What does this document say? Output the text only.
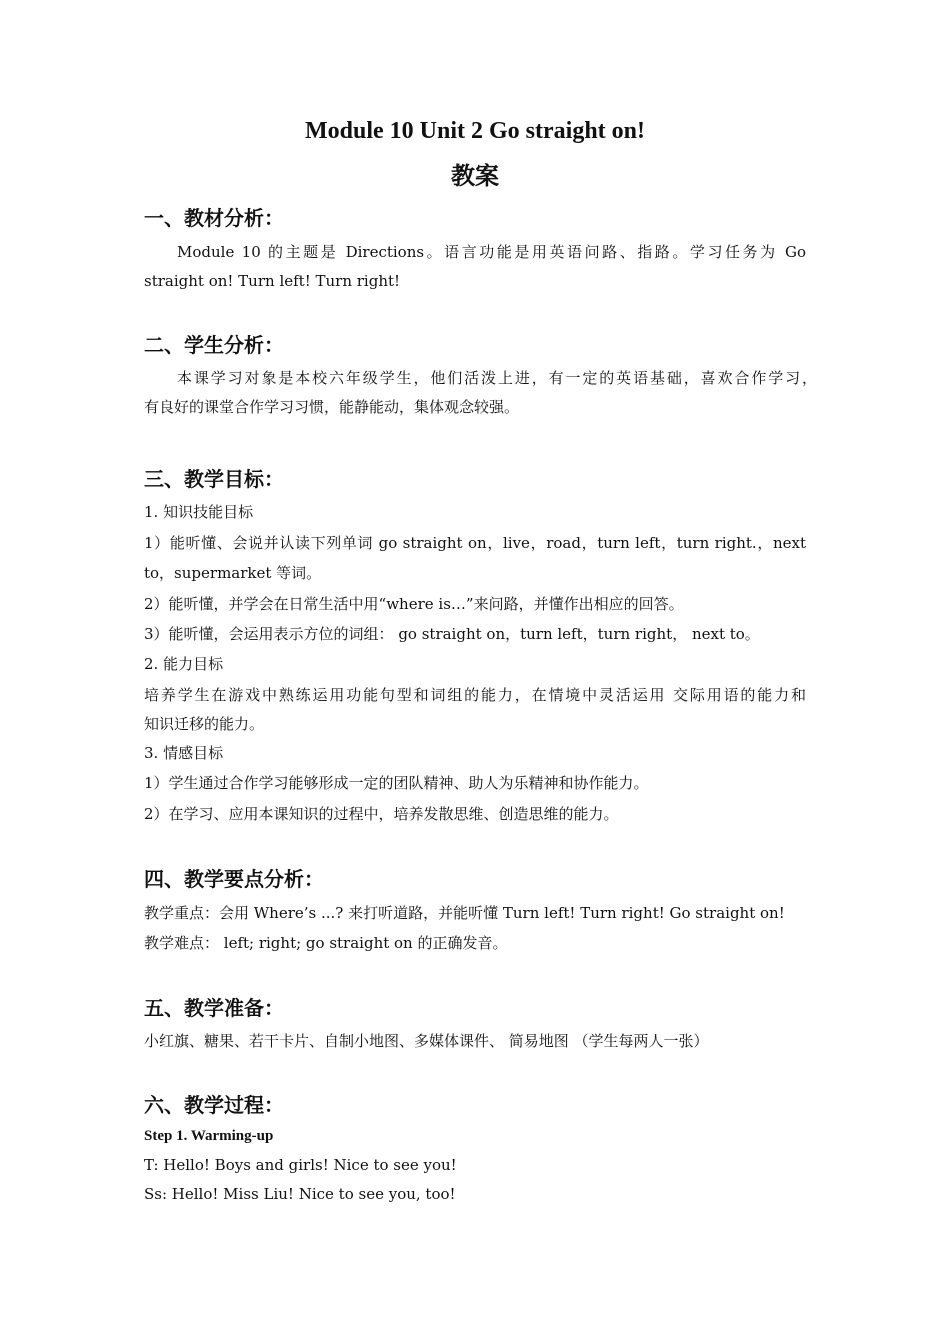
Module 10 Unit 2 Go straight on!
教案
一、教材分析：
Module 10 的主题是 Directions。语言功能是用英语问路、指路。学习任务为 Go
straight on! Turn left! Turn right!
二、学生分析：
本课学习对象是本校六年级学生，他们活泼上进，有一定的英语基础，喜欢合作学习，
有良好的课堂合作学习习惯，能静能动，集体观念较强。
三、教学目标：
1. 知识技能目标
1）能听懂、会说并认读下列单词 go straight on，live，road，turn left，turn right.，next
to，supermarket 等词。
2）能听懂，并学会在日常生活中用“where is…”来问路，并懂作出相应的回答。
3）能听懂，会运用表示方位的词组： go straight on，turn left，turn right， next to。
2. 能力目标
培养学生在游戏中熟练运用功能句型和词组的能力，在情境中灵活运用 交际用语的能力和
知识迁移的能力。
3. 情感目标
1）学生通过合作学习能够形成一定的团队精神、助人为乐精神和协作能力。
2）在学习、应用本课知识的过程中，培养发散思维、创造思维的能力。
四、教学要点分析：
教学重点：会用 Where’s ...? 来打听道路，并能听懂 Turn left! Turn right! Go straight on!
教学难点： left; right; go straight on 的正确发音。
五、教学准备：
小红旗、糖果、若干卡片、自制小地图、多媒体课件、 简易地图 （学生每两人一张）
六、教学过程：
Step 1. Warming-up
T: Hello! Boys and girls! Nice to see you!
Ss: Hello! Miss Liu! Nice to see you, too!
